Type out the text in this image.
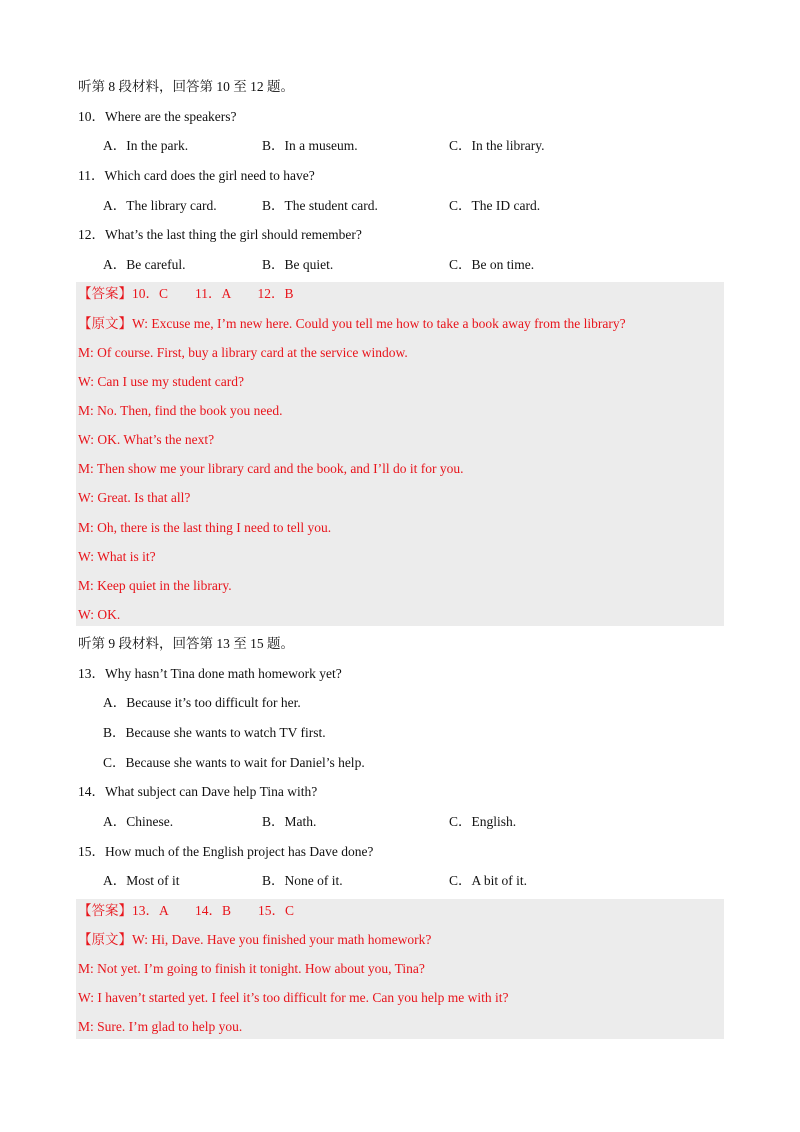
听第 8 段材料，回答第 10 至 12 题。
10．Where are the speakers?
A．In the park.	B．In a museum.	C．In the library.
11．Which card does the girl need to have?
A．The library card.	B．The student card.	C．The ID card.
12．What’s the last thing the girl should remember?
A．Be careful.	B．Be quiet.	C．Be on time.
【答案】10．C　　11．A　　12．B
【原文】W: Excuse me, I’m new here. Could you tell me how to take a book away from the library?
M: Of course. First, buy a library card at the service window.
W: Can I use my student card?
M: No. Then, find the book you need.
W: OK. What’s the next?
M: Then show me your library card and the book, and I’ll do it for you.
W: Great. Is that all?
M: Oh, there is the last thing I need to tell you.
W: What is it?
M: Keep quiet in the library.
W: OK.
听第 9 段材料，回答第 13 至 15 题。
13．Why hasn’t Tina done math homework yet?
A．Because it’s too difficult for her.
B．Because she wants to watch TV first.
C．Because she wants to wait for Daniel’s help.
14．What subject can Dave help Tina with?
A．Chinese.	B．Math.	C．English.
15．How much of the English project has Dave done?
A．Most of it	B．None of it.	C．A bit of it.
【答案】13．A　　14．B　　15．C
【原文】W: Hi, Dave. Have you finished your math homework?
M: Not yet. I’m going to finish it tonight. How about you, Tina?
W: I haven’t started yet. I feel it’s too difficult for me. Can you help me with it?
M: Sure. I’m glad to help you.
